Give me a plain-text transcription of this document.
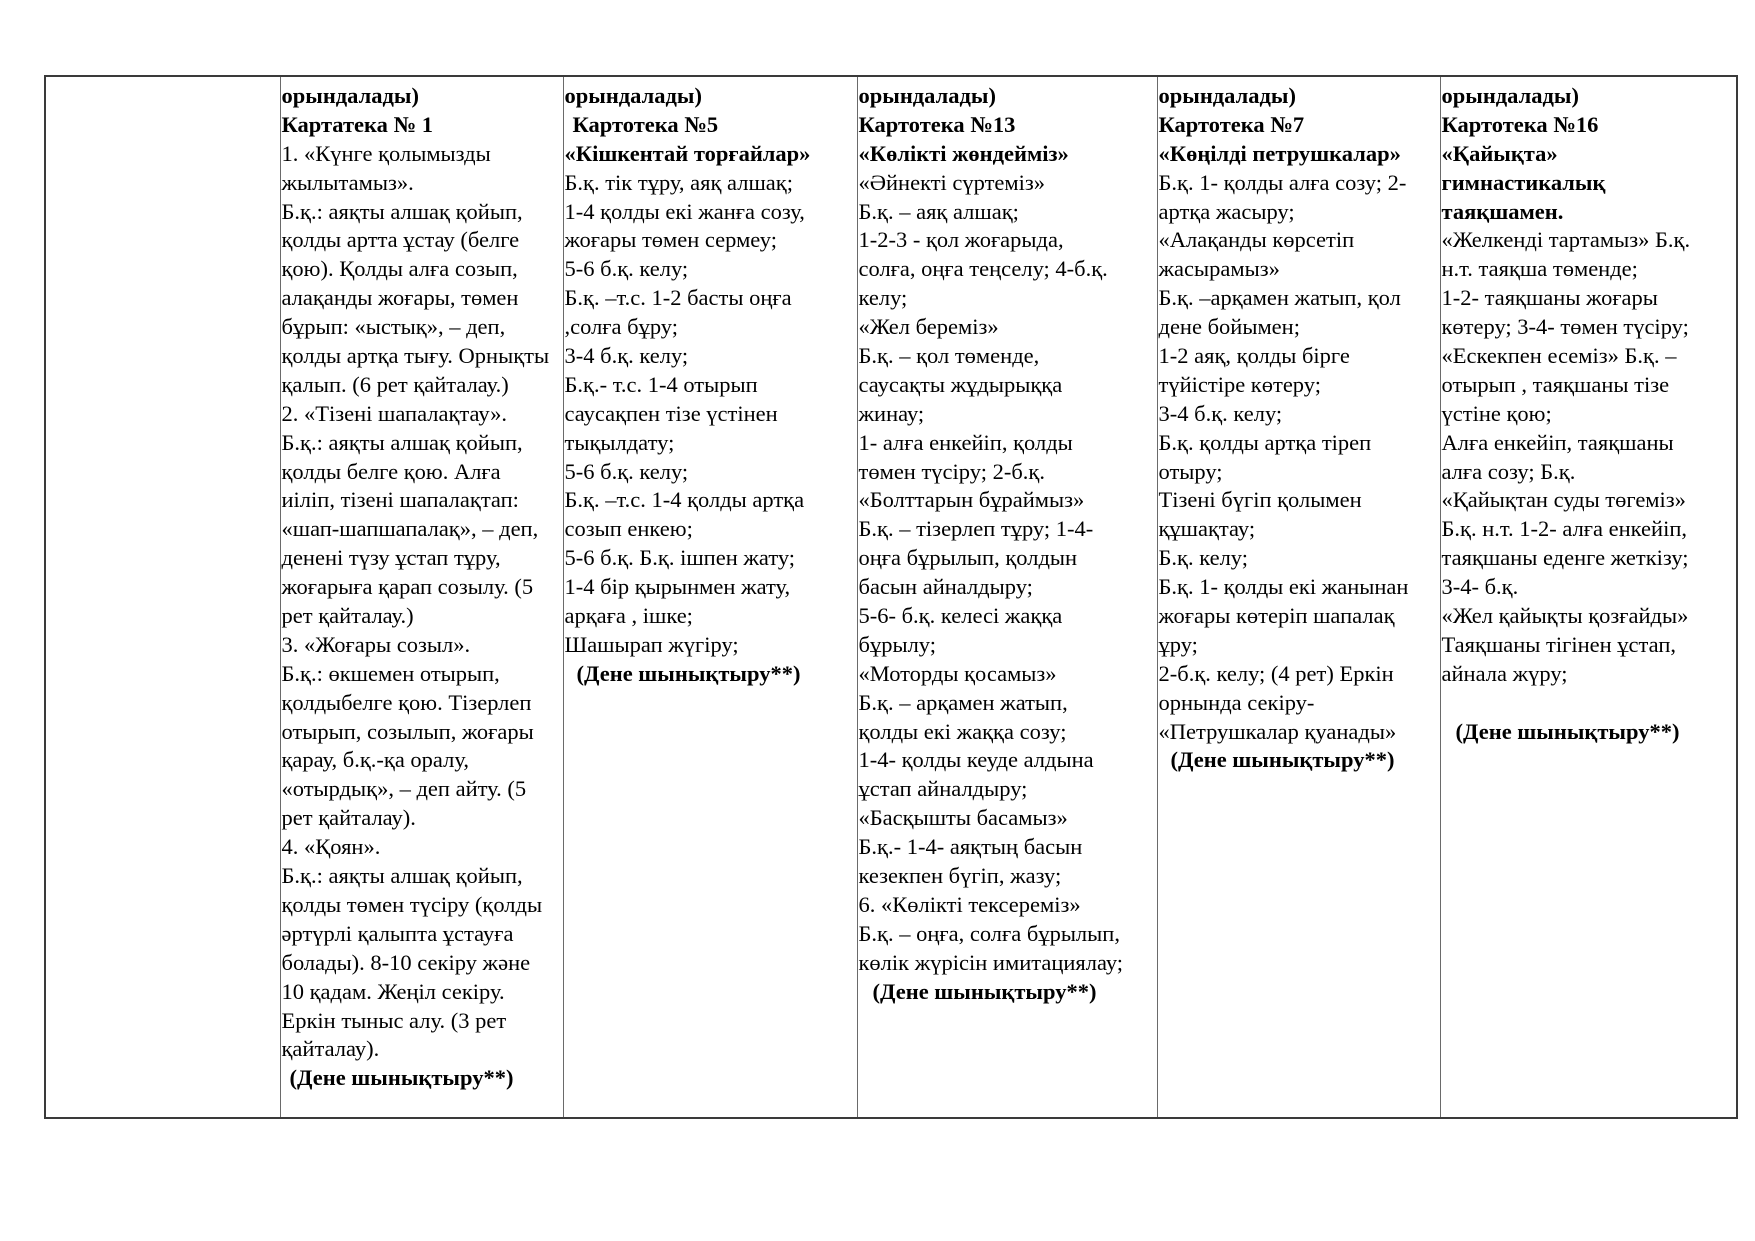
орындалады)
Картатека № 1
1. «Күнге қолымызды
жылытамыз».
Б.қ.: аяқты алшақ қойып,
қолды артта ұстау (белге
қою). Қолды алға созып,
алақанды жоғары, төмен
бұрып: «ыстық», – деп,
қолды артқа тығу. Орнықты
қалып. (6 рет қайталау.)
2. «Тізені шапалақтау».
Б.қ.: аяқты алшақ қойып,
қолды белге қою. Алға
иіліп, тізені шапалақтап:
«шап-шапшапалақ», – деп,
денені түзу ұстап тұру,
жоғарыға қарап созылу. (5
рет қайталау.)
3. «Жоғары созыл».
Б.қ.: өкшемен отырып,
қолдыбелге қою. Тізерлеп
отырып, созылып, жоғары
қарау, б.қ.-қа оралу,
«отырдық», – деп айту. (5
рет қайталау).
4. «Қоян».
Б.қ.: аяқты алшақ қойып,
қолды төмен түсіру (қолды
әртүрлі қалыпта ұстауға
болады). 8-10 секіру және
10 қадам. Жеңіл секіру.
Еркін тыныс алу. (3 рет
қайталау).
(Дене шынықтыру**)

орындалады)
Картотека №5
«Кішкентай торғайлар»
Б.қ. тік тұру, аяқ алшақ;
1-4 қолды екі жанға созу,
жоғары төмен сермеу;
5-6 б.қ. келу;
Б.қ. –т.с. 1-2 басты оңға
,солға бұру;
3-4 б.қ. келу;
Б.қ.- т.с. 1-4 отырып
саусақпен тізе үстінен
тықылдату;
5-6 б.қ. келу;
Б.қ. –т.с. 1-4 қолды артқа
созып енкею;
5-6 б.қ. Б.қ. ішпен жату;
1-4 бір қырынмен жату,
арқаға , ішке;
Шашырап жүгіру;
(Дене шынықтыру**)

орындалады)
Картотека №13
«Көлікті жөндейміз»
«Әйнекті сүртеміз»
Б.қ. – аяқ алшақ;
1-2-3 - қол жоғарыда,
солға, оңға теңселу; 4-б.қ.
келу;
«Жел береміз»
Б.қ. – қол төменде,
саусақты жұдырыққа
жинау;
1- алға енкейіп, қолды
төмен түсіру; 2-б.қ.
«Болттарын бұраймыз»
Б.қ. – тізерлеп тұру; 1-4-
оңға бұрылып, қолдын
басын айналдыру;
5-6- б.қ. келесі жаққа
бұрылу;
«Моторды қосамыз»
Б.қ. – арқамен жатып,
қолды екі жаққа созу;
1-4- қолды кеуде алдына
ұстап айналдыру;
«Басқышты басамыз»
Б.қ.- 1-4- аяқтың басын
кезекпен бүгіп, жазу;
6. «Көлікті тексереміз»
Б.қ. – оңға, солға бұрылып,
көлік жүрісін имитациялау;
(Дене шынықтыру**)

орындалады)
Картотека №7
«Көңілді петрушкалар»
Б.қ. 1- қолды алға созу; 2-
артқа жасыру;
«Алақанды көрсетіп
жасырамыз»
Б.қ. –арқамен жатып, қол
дене бойымен;
1-2 аяқ, қолды бірге
түйістіре көтеру;
3-4 б.қ. келу;
Б.қ. қолды артқа тіреп
отыру;
Тізені бүгіп қолымен
құшақтау;
Б.қ. келу;
Б.қ. 1- қолды екі жанынан
жоғары көтеріп шапалақ
ұру;
2-б.қ. келу; (4 рет) Еркін
орнында секіру-
«Петрушкалар қуанады»
(Дене шынықтыру**)

орындалады)
Картотека №16
«Қайықта»
гимнастикалық
таяқшамен.
«Желкенді тартамыз» Б.қ.
н.т. таяқша төменде;
1-2- таяқшаны жоғары
көтеру; 3-4- төмен түсіру;
«Ескекпен есеміз» Б.қ. –
отырып , таяқшаны тізе
үстіне қою;
Алға енкейіп, таяқшаны
алға созу; Б.қ.
«Қайықтан суды төгеміз»
Б.қ. н.т. 1-2- алға енкейіп,
таяқшаны еденге жеткізу;
3-4- б.қ.
«Жел қайықты қозғайды»
Таяқшаны тігінен ұстап,
айнала жүру;
(Дене шынықтыру**)
